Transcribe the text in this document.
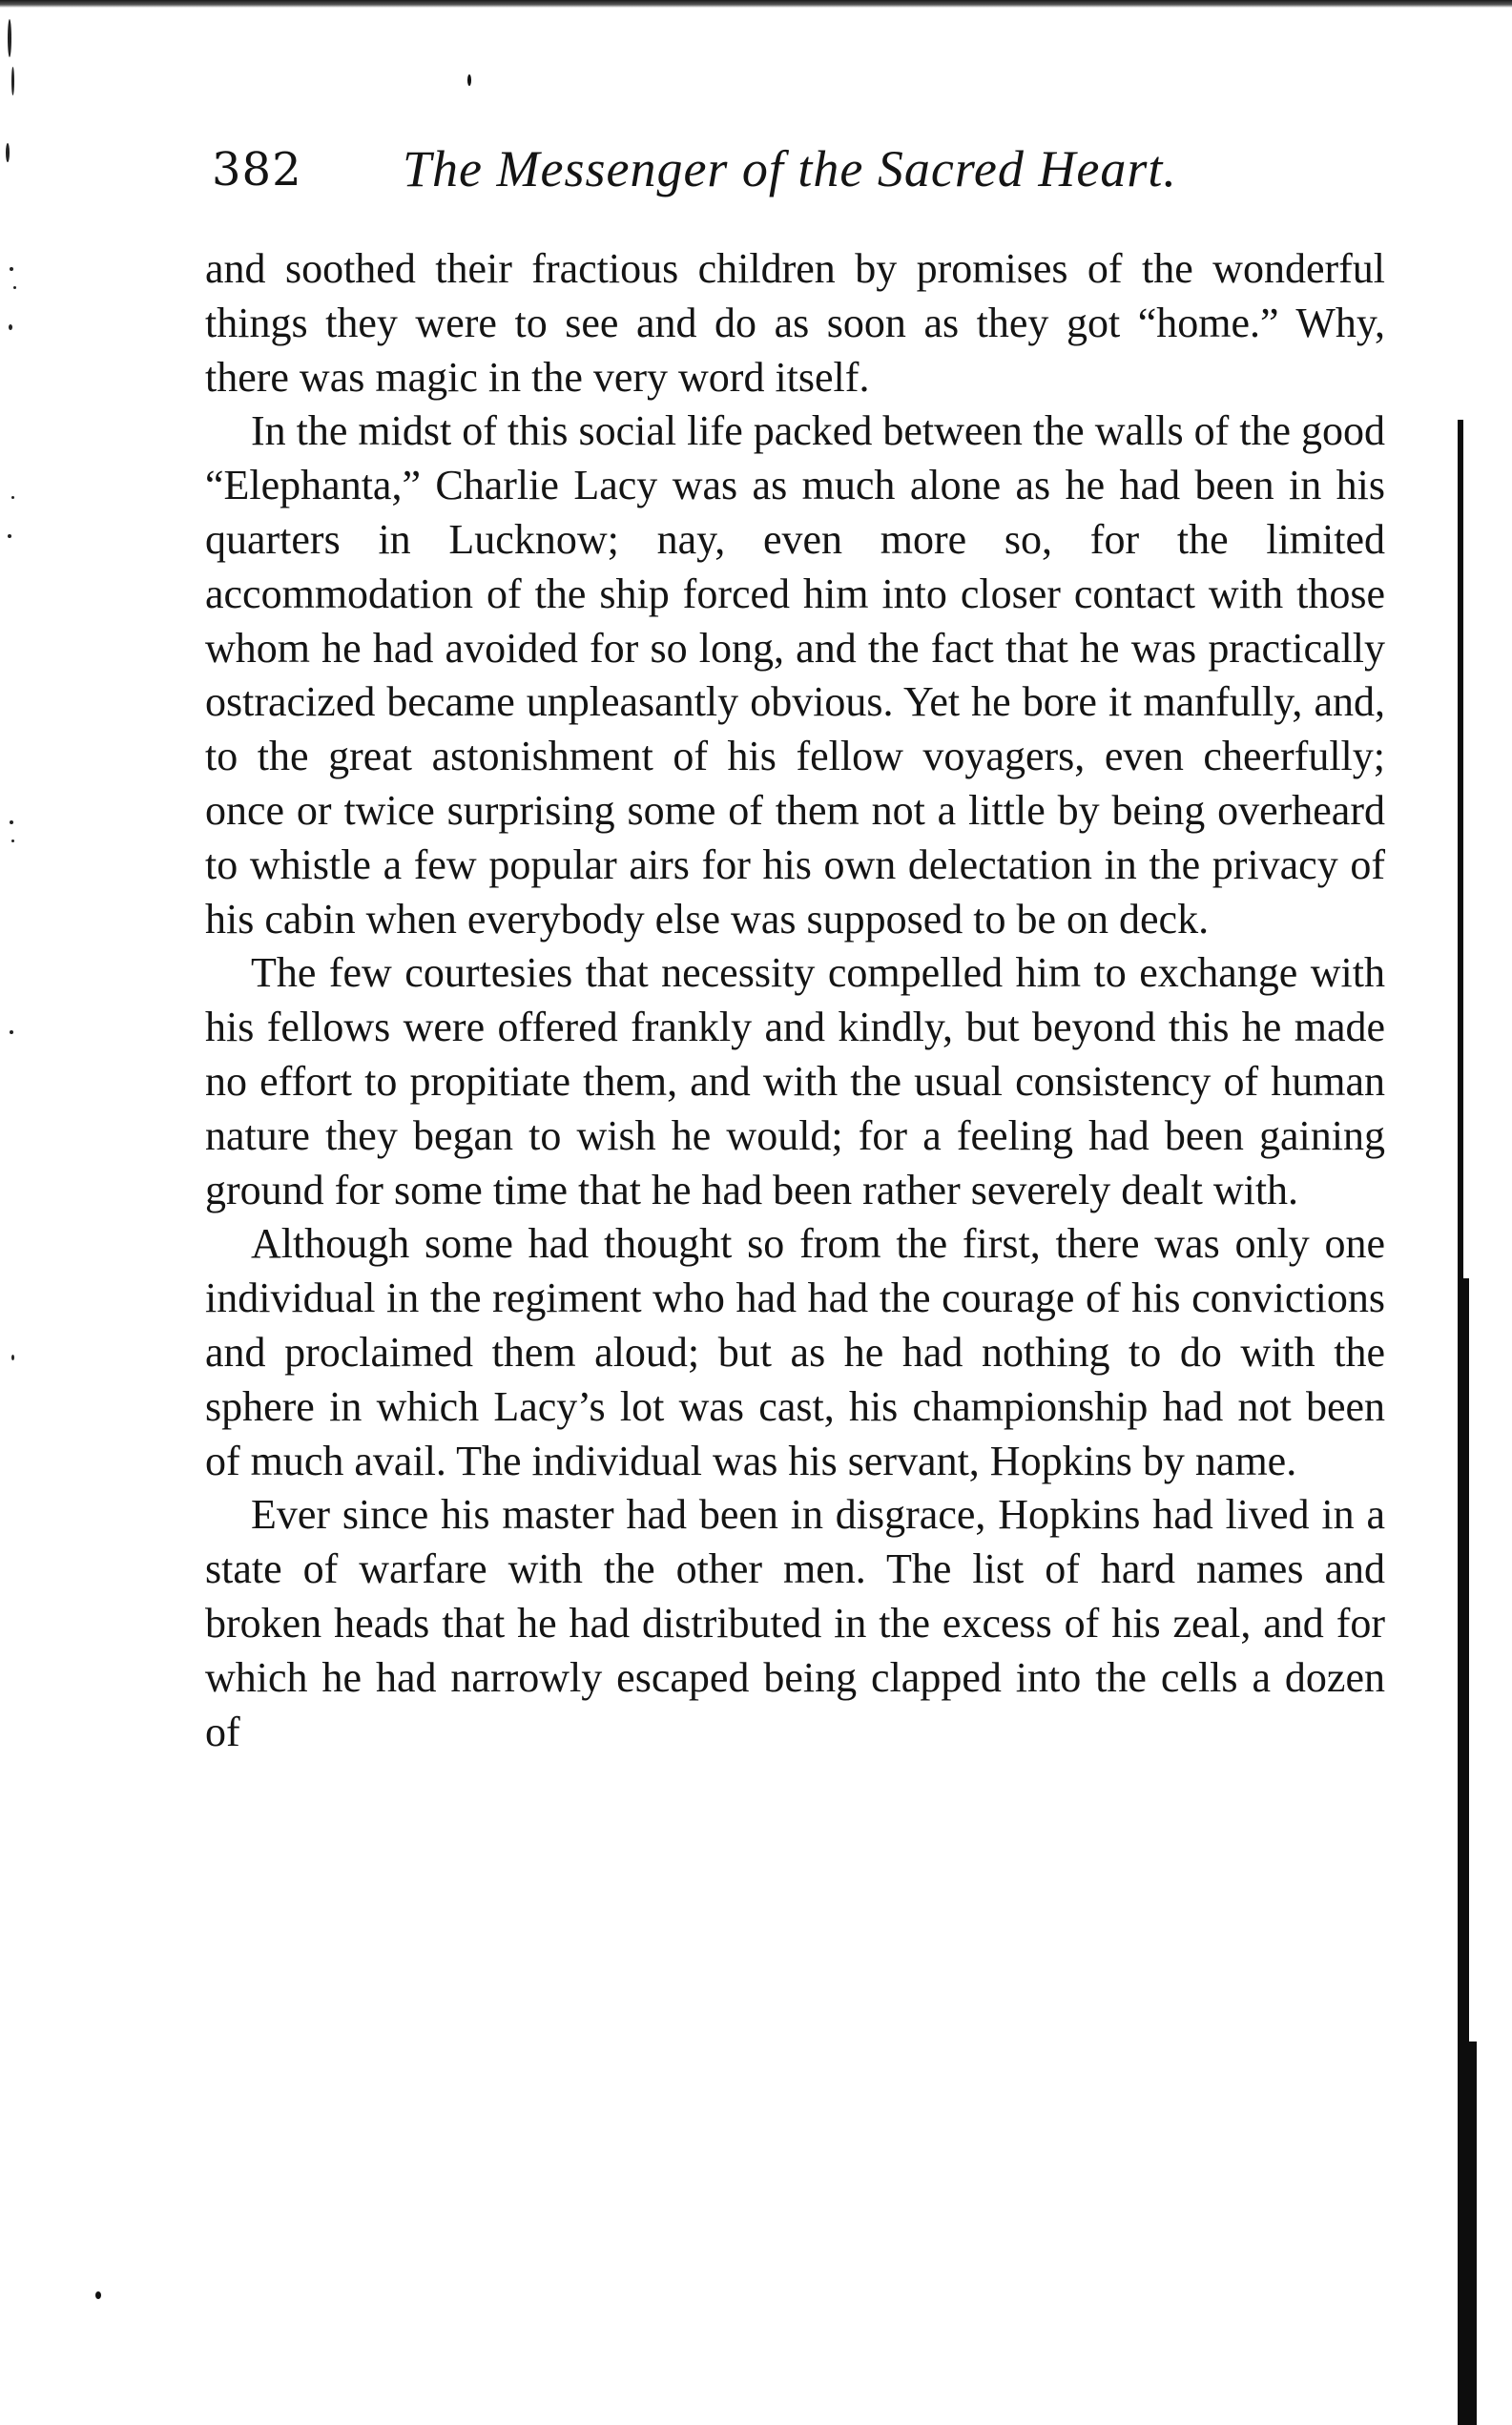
382 The Messenger of the Sacred Heart.

and soothed their fractious children by promises of the wonderful things they were to see and do as soon as they got “home.” Why, there was magic in the very word itself.

In the midst of this social life packed between the walls of the good “Elephanta,” Charlie Lacy was as much alone as he had been in his quarters in Lucknow; nay, even more so, for the limited accommodation of the ship forced him into closer contact with those whom he had avoided for so long, and the fact that he was practically ostracized became unpleasantly obvious. Yet he bore it manfully, and, to the great astonishment of his fellow voyagers, even cheerfully; once or twice surprising some of them not a little by being overheard to whistle a few popular airs for his own delectation in the privacy of his cabin when everybody else was supposed to be on deck.

The few courtesies that necessity compelled him to exchange with his fellows were offered frankly and kindly, but beyond this he made no effort to propitiate them, and with the usual consistency of human nature they began to wish he would; for a feeling had been gaining ground for some time that he had been rather severely dealt with.

Although some had thought so from the first, there was only one individual in the regiment who had had the courage of his convictions and proclaimed them aloud; but as he had nothing to do with the sphere in which Lacy’s lot was cast, his championship had not been of much avail. The individual was his servant, Hopkins by name.

Ever since his master had been in disgrace, Hopkins had lived in a state of warfare with the other men. The list of hard names and broken heads that he had distributed in the excess of his zeal, and for which he had narrowly escaped being clapped into the cells a dozen of
